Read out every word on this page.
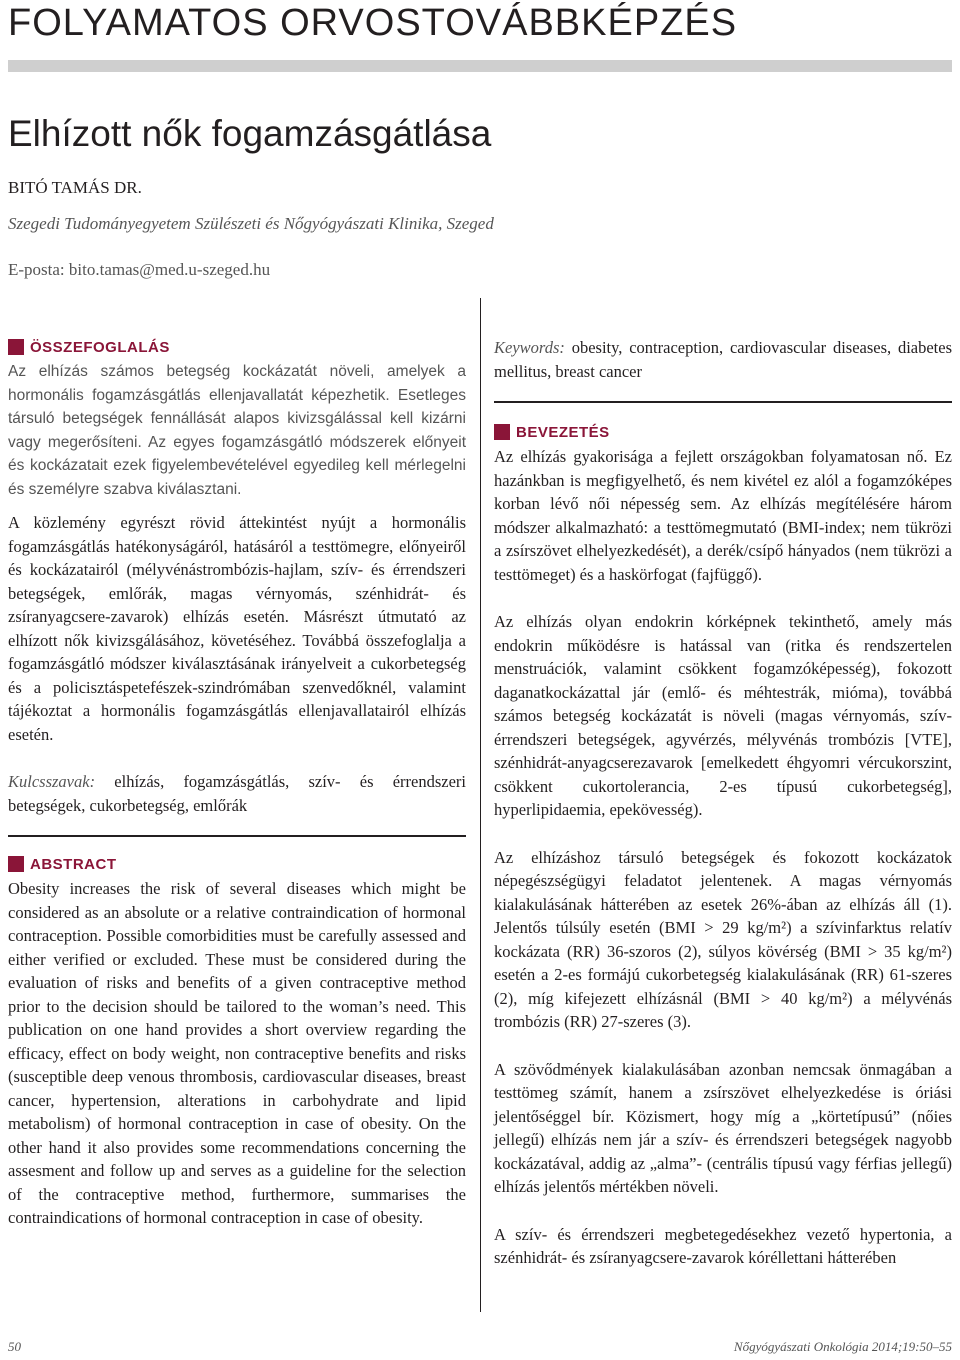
FOLYAMATOS ORVOSTOVÁBBKÉPZÉS
Elhízott nők fogamzásgátlása
BITÓ TAMÁS DR.
Szegedi Tudományegyetem Szülészeti és Nőgyógyászati Klinika, Szeged
E-posta: bito.tamas@med.u-szeged.hu
ÖSSZEFOGLALÁS

Az elhízás számos betegség kockázatát növeli, amelyek a hormonális fogamzásgátlás ellenjavallatát képezhetik. Esetleges társuló betegségek fennállását alapos kivizsgálással kell kizárni vagy megerősíteni. Az egyes fogamzásgátló módszerek előnyeit és kockázatait ezek figyelembevételével egyedileg kell mérlegelni és személyre szabva kiválasztani.

A közlemény egyrészt rövid áttekintést nyújt a hormonális fogamzásgátlás hatékonyságáról, hatásáról a testtömegre, előnyeiről és kockázatairól (mélyvénástrombózis-hajlam, szív- és érrendszeri betegségek, emlőrák, magas vérnyomás, szénhidrát- és zsíranyagcsere-zavarok) elhízás esetén. Másrészt útmutató az elhízott nők kivizsgálásához, követéséhez. Továbbá összefoglalja a fogamzásgátló módszer kiválasztásának irányelveit a cukorbetegség és a policisztáspetefészek-szindrómában szenvedőknél, valamint tájékoztat a hormonális fogamzásgátlás ellenjavallatairól elhízás esetén.

Kulcsszavak: elhízás, fogamzásgátlás, szív- és érrendszeri betegségek, cukorbetegség, emlőrák

ABSTRACT

Obesity increases the risk of several diseases which might be considered as an absolute or a relative contraindication of hormonal contraception. Possible comorbidities must be carefully assessed and either verified or excluded. These must be considered during the evaluation of risks and benefits of a given contraceptive method prior to the decision should be tailored to the woman’s need. This publication on one hand provides a short overview regarding the efficacy, effect on body weight, non contraceptive benefits and risks (susceptible deep venous thrombosis, cardiovascular diseases, breast cancer, hypertension, alterations in carbohydrate and lipid metabolism) of hormonal contraception in case of obesity. On the other hand it also provides some recommendations concerning the assesment and follow up and serves as a guideline for the selection of the contraceptive method, furthermore, summarises the contraindications of hormonal contraception in case of obesity.

Keywords: obesity, contraception, cardiovascular diseases, diabetes mellitus, breast cancer

BEVEZETÉS

Az elhízás gyakorisága a fejlett országokban folyamatosan nő. Ez hazánkban is megfigyelhető, és nem kivétel ez alól a fogamzóképes korban lévő női népesség sem. Az elhízás megítélésére három módszer alkalmazható: a testtömegmutató (BMI-index; nem tükrözi a zsírszövet elhelyezkedését), a derék/csípő hányados (nem tükrözi a testtömeget) és a haskörfogat (fajfüggő).

Az elhízás olyan endokrin kórképnek tekinthető, amely más endokrin működésre is hatással van (ritka és rendszertelen menstruációk, valamint csökkent fogamzóképesség), fokozott daganatkockázattal jár (emlő- és méhtestrák, mióma), továbbá számos betegség kockázatát is növeli (magas vérnyomás, szív-érrendszeri betegségek, agyvérzés, mélyvénás trombózis [VTE], szénhidrát-anyagcserezavarok [emelkedett éhgyomri vércukorszint, csökkent cukortolerancia, 2-es típusú cukorbetegség], hyperlipidaemia, epekövesség).

Az elhízáshoz társuló betegségek és fokozott kockázatok népegészségügyi feladatot jelentenek. A magas vérnyomás kialakulásának hátterében az esetek 26%-ában az elhízás áll (1). Jelentős túlsúly esetén (BMI > 29 kg/m²) a szívinfarktus relatív kockázata (RR) 36-szoros (2), súlyos kövérség (BMI > 35 kg/m²) esetén a 2-es formájú cukorbetegség kialakulásának (RR) 61-szeres (2), míg kifejezett elhízásnál (BMI > 40 kg/m²) a mélyvénás trombózis (RR) 27-szeres (3).

A szövődmények kialakulásában azonban nemcsak önmagában a testtömeg számít, hanem a zsírszövet elhelyezkedése is óriási jelentőséggel bír. Közismert, hogy míg a „körtetípusú” (nőies jellegű) elhízás nem jár a szív- és érrendszeri betegségek nagyobb kockázatával, addig az „alma”- (centrális típusú vagy férfias jellegű) elhízás jelentős mértékben növeli.

A szív- és érrendszeri megbetegedésekhez vezető hypertonia, a szénhidrát- és zsíranyagcsere-zavarok kóréllettani hátterében

50	Nőgyógyászati Onkológia 2014;19:50–55
